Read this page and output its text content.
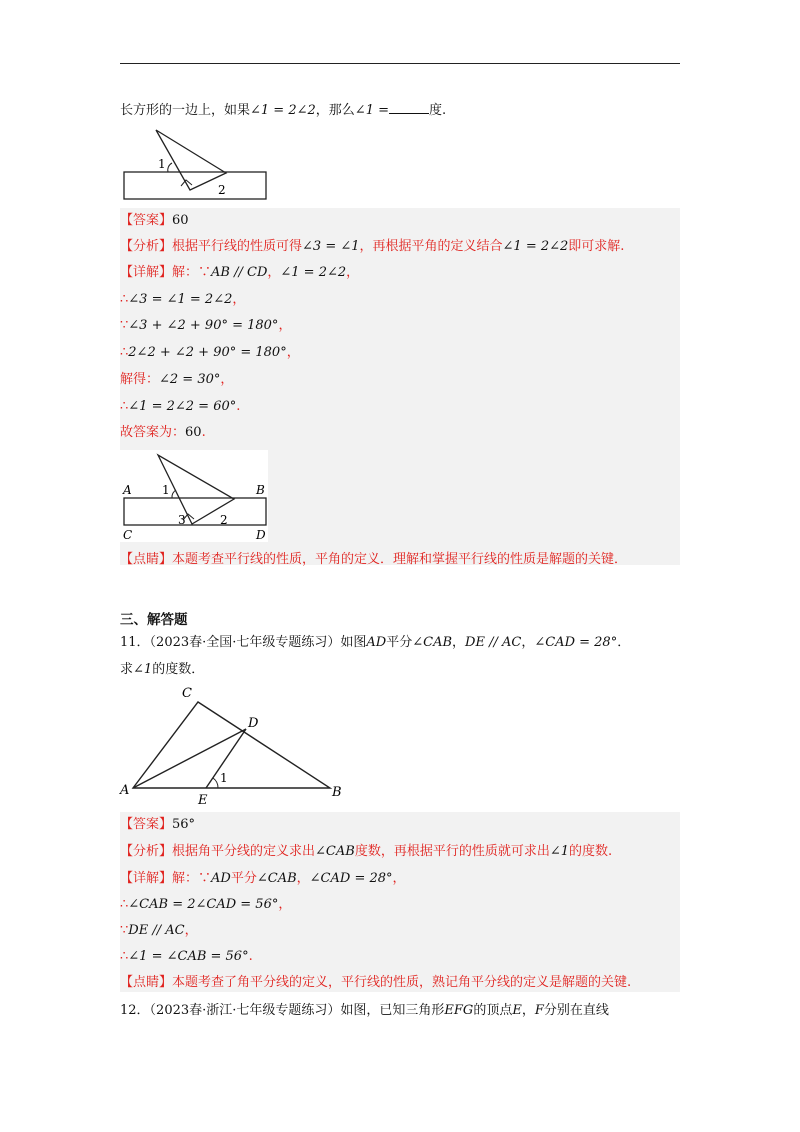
长方形的一边上，如果∠1 = 2∠2，那么∠1 =	度.
1
2
【答案】60
【分析】根据平行线的性质可得∠3 = ∠1，再根据平角的定义结合∠1 = 2∠2即可求解.
【详解】解：∵AB // CD，∠1 = 2∠2，
∴∠3 = ∠1 = 2∠2，
∵∠3 + ∠2 + 90° = 180°，
∴2∠2 + ∠2 + 90° = 180°，
解得：∠2 = 30°，
∴∠1 = 2∠2 = 60°.
故答案为：60.
A	B
C	D
1
3	2
【点睛】本题考查平行线的性质，平角的定义．理解和掌握平行线的性质是解题的关键．
三、解答题
11．（2023春·全国·七年级专题练习）如图AD平分∠CAB，DE // AC，∠CAD = 28°．
求∠1的度数．
C
D
A
E
B
1
【答案】56°
【分析】根据角平分线的定义求出∠CAB度数，再根据平行的性质就可求出∠1的度数.
【详解】解：∵AD平分∠CAB，∠CAD = 28°，
∴∠CAB = 2∠CAD = 56°，
∵DE // AC，
∴∠1 = ∠CAB = 56°.
【点睛】本题考查了角平分线的定义，平行线的性质，熟记角平分线的定义是解题的关键.
12．（2023春·浙江·七年级专题练习）如图，已知三角形EFG的顶点E，F分别在直线
